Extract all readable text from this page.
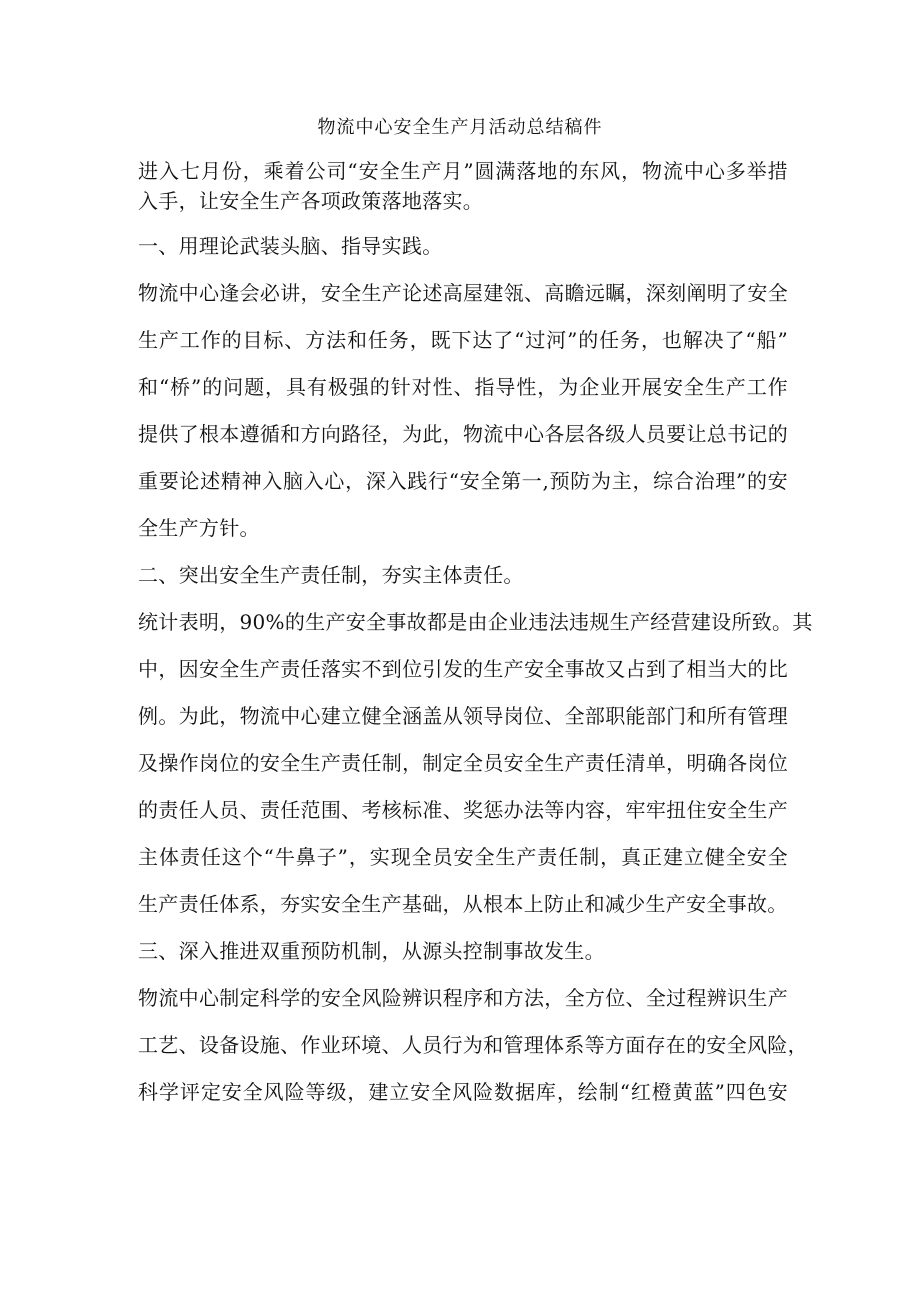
物流中心安全生产月活动总结稿件
进入七月份，乘着公司“安全生产月”圆满落地的东风，物流中心多举措
入手，让安全生产各项政策落地落实。
一、用理论武装头脑、指导实践。
物流中心逢会必讲，安全生产论述高屋建瓴、高瞻远瞩，深刻阐明了安全
生产工作的目标、方法和任务，既下达了“过河”的任务，也解决了“船”
和“桥”的问题，具有极强的针对性、指导性，为企业开展安全生产工作
提供了根本遵循和方向路径，为此，物流中心各层各级人员要让总书记的
重要论述精神入脑入心，深入践行“安全第一,预防为主，综合治理”的安
全生产方针。
二、突出安全生产责任制，夯实主体责任。
统计表明，90%的生产安全事故都是由企业违法违规生产经营建设所致。其
中，因安全生产责任落实不到位引发的生产安全事故又占到了相当大的比
例。为此，物流中心建立健全涵盖从领导岗位、全部职能部门和所有管理
及操作岗位的安全生产责任制，制定全员安全生产责任清单，明确各岗位
的责任人员、责任范围、考核标准、奖惩办法等内容，牢牢扭住安全生产
主体责任这个“牛鼻子”，实现全员安全生产责任制，真正建立健全安全
生产责任体系，夯实安全生产基础，从根本上防止和减少生产安全事故。
三、深入推进双重预防机制，从源头控制事故发生。
物流中心制定科学的安全风险辨识程序和方法，全方位、全过程辨识生产
工艺、设备设施、作业环境、人员行为和管理体系等方面存在的安全风险，
科学评定安全风险等级，建立安全风险数据库，绘制“红橙黄蓝”四色安
